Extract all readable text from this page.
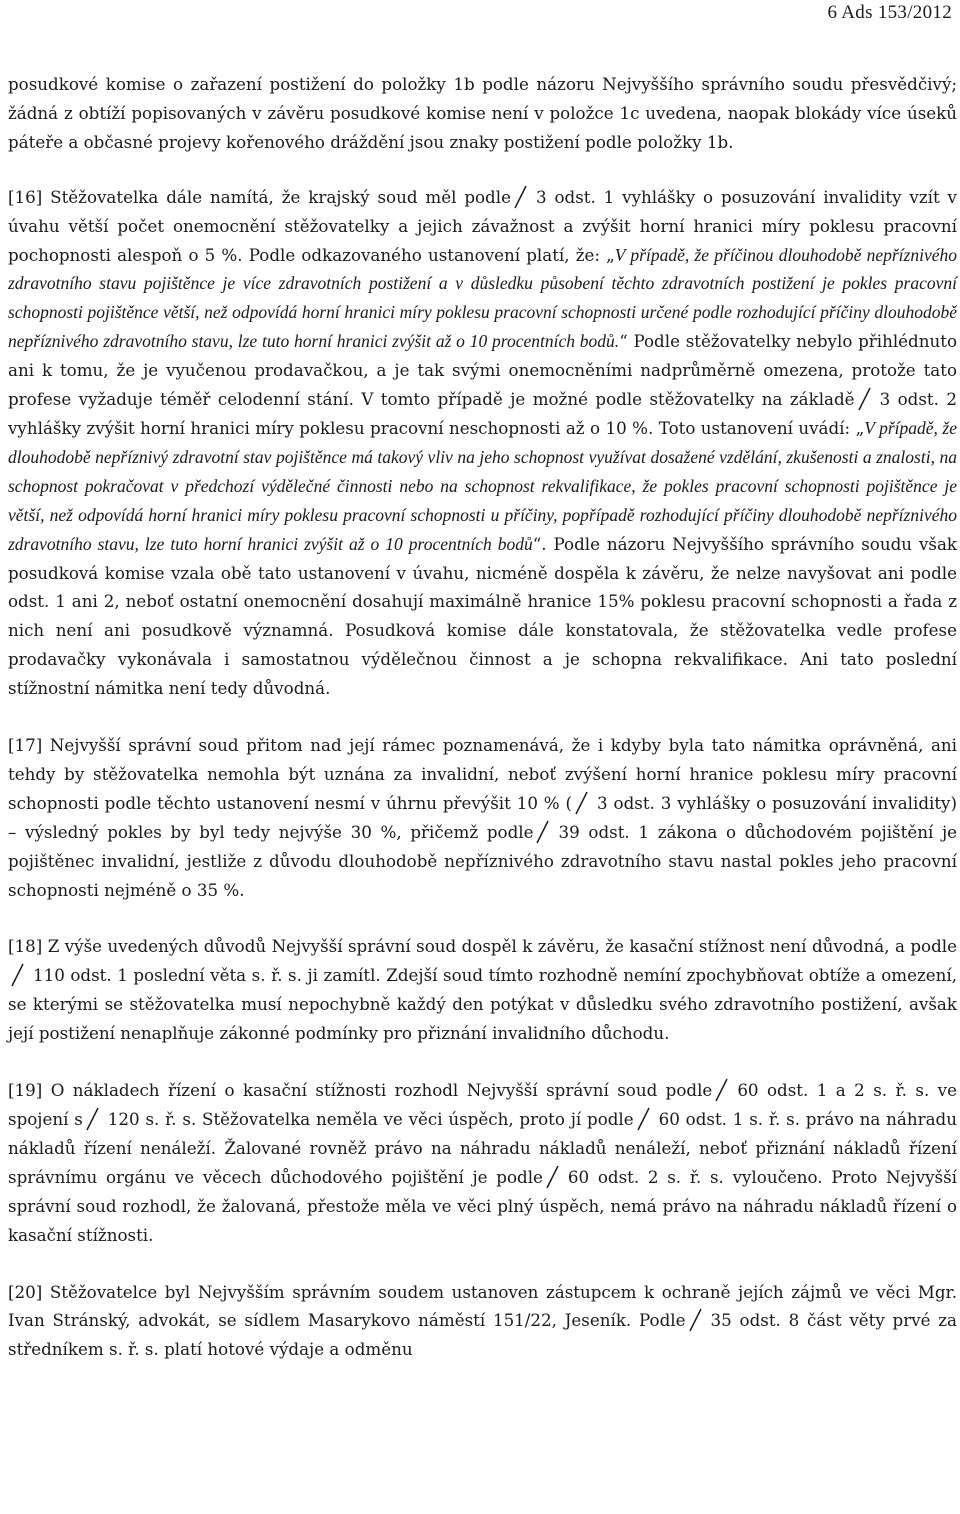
6 Ads 153/2012

posudkové komise o zařazení postižení do položky 1b podle názoru Nejvyššího správního soudu přesvědčivý; žádná z obtíží popisovaných v závěru posudkové komise není v položce 1c uvedena, naopak blokády více úseků páteře a občasné projevy kořenového dráždění jsou znaky postižení podle položky 1b.

[16] Stěžovatelka dále namítá, že krajský soud měl podle 3 odst. 1 vyhlášky o posuzování invalidity vzít v úvahu větší počet onemocnění stěžovatelky a jejich závažnost a zvýšit horní hranici míry poklesu pracovní pochopnosti alespoň o 5 %. Podle odkazovaného ustanovení platí, že: „V případě, že příčinou dlouhodobě nepříznivého zdravotního stavu pojištěnce je více zdravotních postižení a v důsledku působení těchto zdravotních postižení je pokles pracovní schopnosti pojištěnce větší, než odpovídá horní hranici míry poklesu pracovní schopnosti určené podle rozhodující příčiny dlouhodobě nepříznivého zdravotního stavu, lze tuto horní hranici zvýšit až o 10 procentních bodů.“ Podle stěžovatelky nebylo přihlédnuto ani k tomu, že je vyučenou prodavačkou, a je tak svými onemocněními nadprůměrně omezena, protože tato profese vyžaduje téměř celodenní stání. V tomto případě je možné podle stěžovatelky na základě 3 odst. 2 vyhlášky zvýšit horní hranici míry poklesu pracovní neschopnosti až o 10 %. Toto ustanovení uvádí: „V případě, že dlouhodobě nepříznivý zdravotní stav pojištěnce má takový vliv na jeho schopnost využívat dosažené vzdělání, zkušenosti a znalosti, na schopnost pokračovat v předchozí výdělečné činnosti nebo na schopnost rekvalifikace, že pokles pracovní schopnosti pojištěnce je větší, než odpovídá horní hranici míry poklesu pracovní schopnosti u příčiny, popřípadě rozhodující příčiny dlouhodobě nepříznivého zdravotního stavu, lze tuto horní hranici zvýšit až o 10 procentních bodů“. Podle názoru Nejvyššího správního soudu však posudková komise vzala obě tato ustanovení v úvahu, nicméně dospěla k závěru, že nelze navyšovat ani podle odst. 1 ani 2, neboť ostatní onemocnění dosahují maximálně hranice 15% poklesu pracovní schopnosti a řada z nich není ani posudkově významná. Posudková komise dále konstatovala, že stěžovatelka vedle profese prodavačky vykonávala i samostatnou výdělečnou činnost a je schopna rekvalifikace. Ani tato poslední stížnostní námitka není tedy důvodná.

[17] Nejvyšší správní soud přitom nad její rámec poznamenává, že i kdyby byla tato námitka oprávněná, ani tehdy by stěžovatelka nemohla být uznána za invalidní, neboť zvýšení horní hranice poklesu míry pracovní schopnosti podle těchto ustanovení nesmí v úhrnu převýšit 10 % ( 3 odst. 3 vyhlášky o posuzování invalidity) – výsledný pokles by byl tedy nejvýše 30 %, přičemž podle 39 odst. 1 zákona o důchodovém pojištění je pojištěnec invalidní, jestliže z důvodu dlouhodobě nepříznivého zdravotního stavu nastal pokles jeho pracovní schopnosti nejméně o 35 %.

[18] Z výše uvedených důvodů Nejvyšší správní soud dospěl k závěru, že kasační stížnost není důvodná, a podle110 odst. 1 poslední věta s. ř. s. ji zamítl. Zdejší soud tímto rozhodně nemíní zpochybňovat obtíže a omezení, se kterými se stěžovatelka musí nepochybně každý den potýkat v důsledku svého zdravotního postižení, avšak její postižení nenaplňuje zákonné podmínky pro přiznání invalidního důchodu.

[19] O nákladech řízení o kasační stížnosti rozhodl Nejvyšší správní soud podle 60 odst. 1 a 2 s. ř. s. ve spojení s 120 s. ř. s. Stěžovatelka neměla ve věci úspěch, proto jí podle 60 odst. 1 s. ř. s. právo na náhradu nákladů řízení nenáleží. Žalované rovněž právo na náhradu nákladů nenáleží, neboť přiznání nákladů řízení správnímu orgánu ve věcech důchodového pojištění je podle 60 odst. 2 s. ř. s. vyloučeno. Proto Nejvyšší správní soud rozhodl, že žalovaná, přestože měla ve věci plný úspěch, nemá právo na náhradu nákladů řízení o kasační stížnosti.

[20] Stěžovatelce byl Nejvyšším správním soudem ustanoven zástupcem k ochraně jejích zájmů ve věci Mgr. Ivan Stránský, advokát, se sídlem Masarykovo náměstí 151/22, Jeseník. Podle 35 odst. 8 část věty prvé za středníkem s. ř. s. platí hotové výdaje a odměnu
